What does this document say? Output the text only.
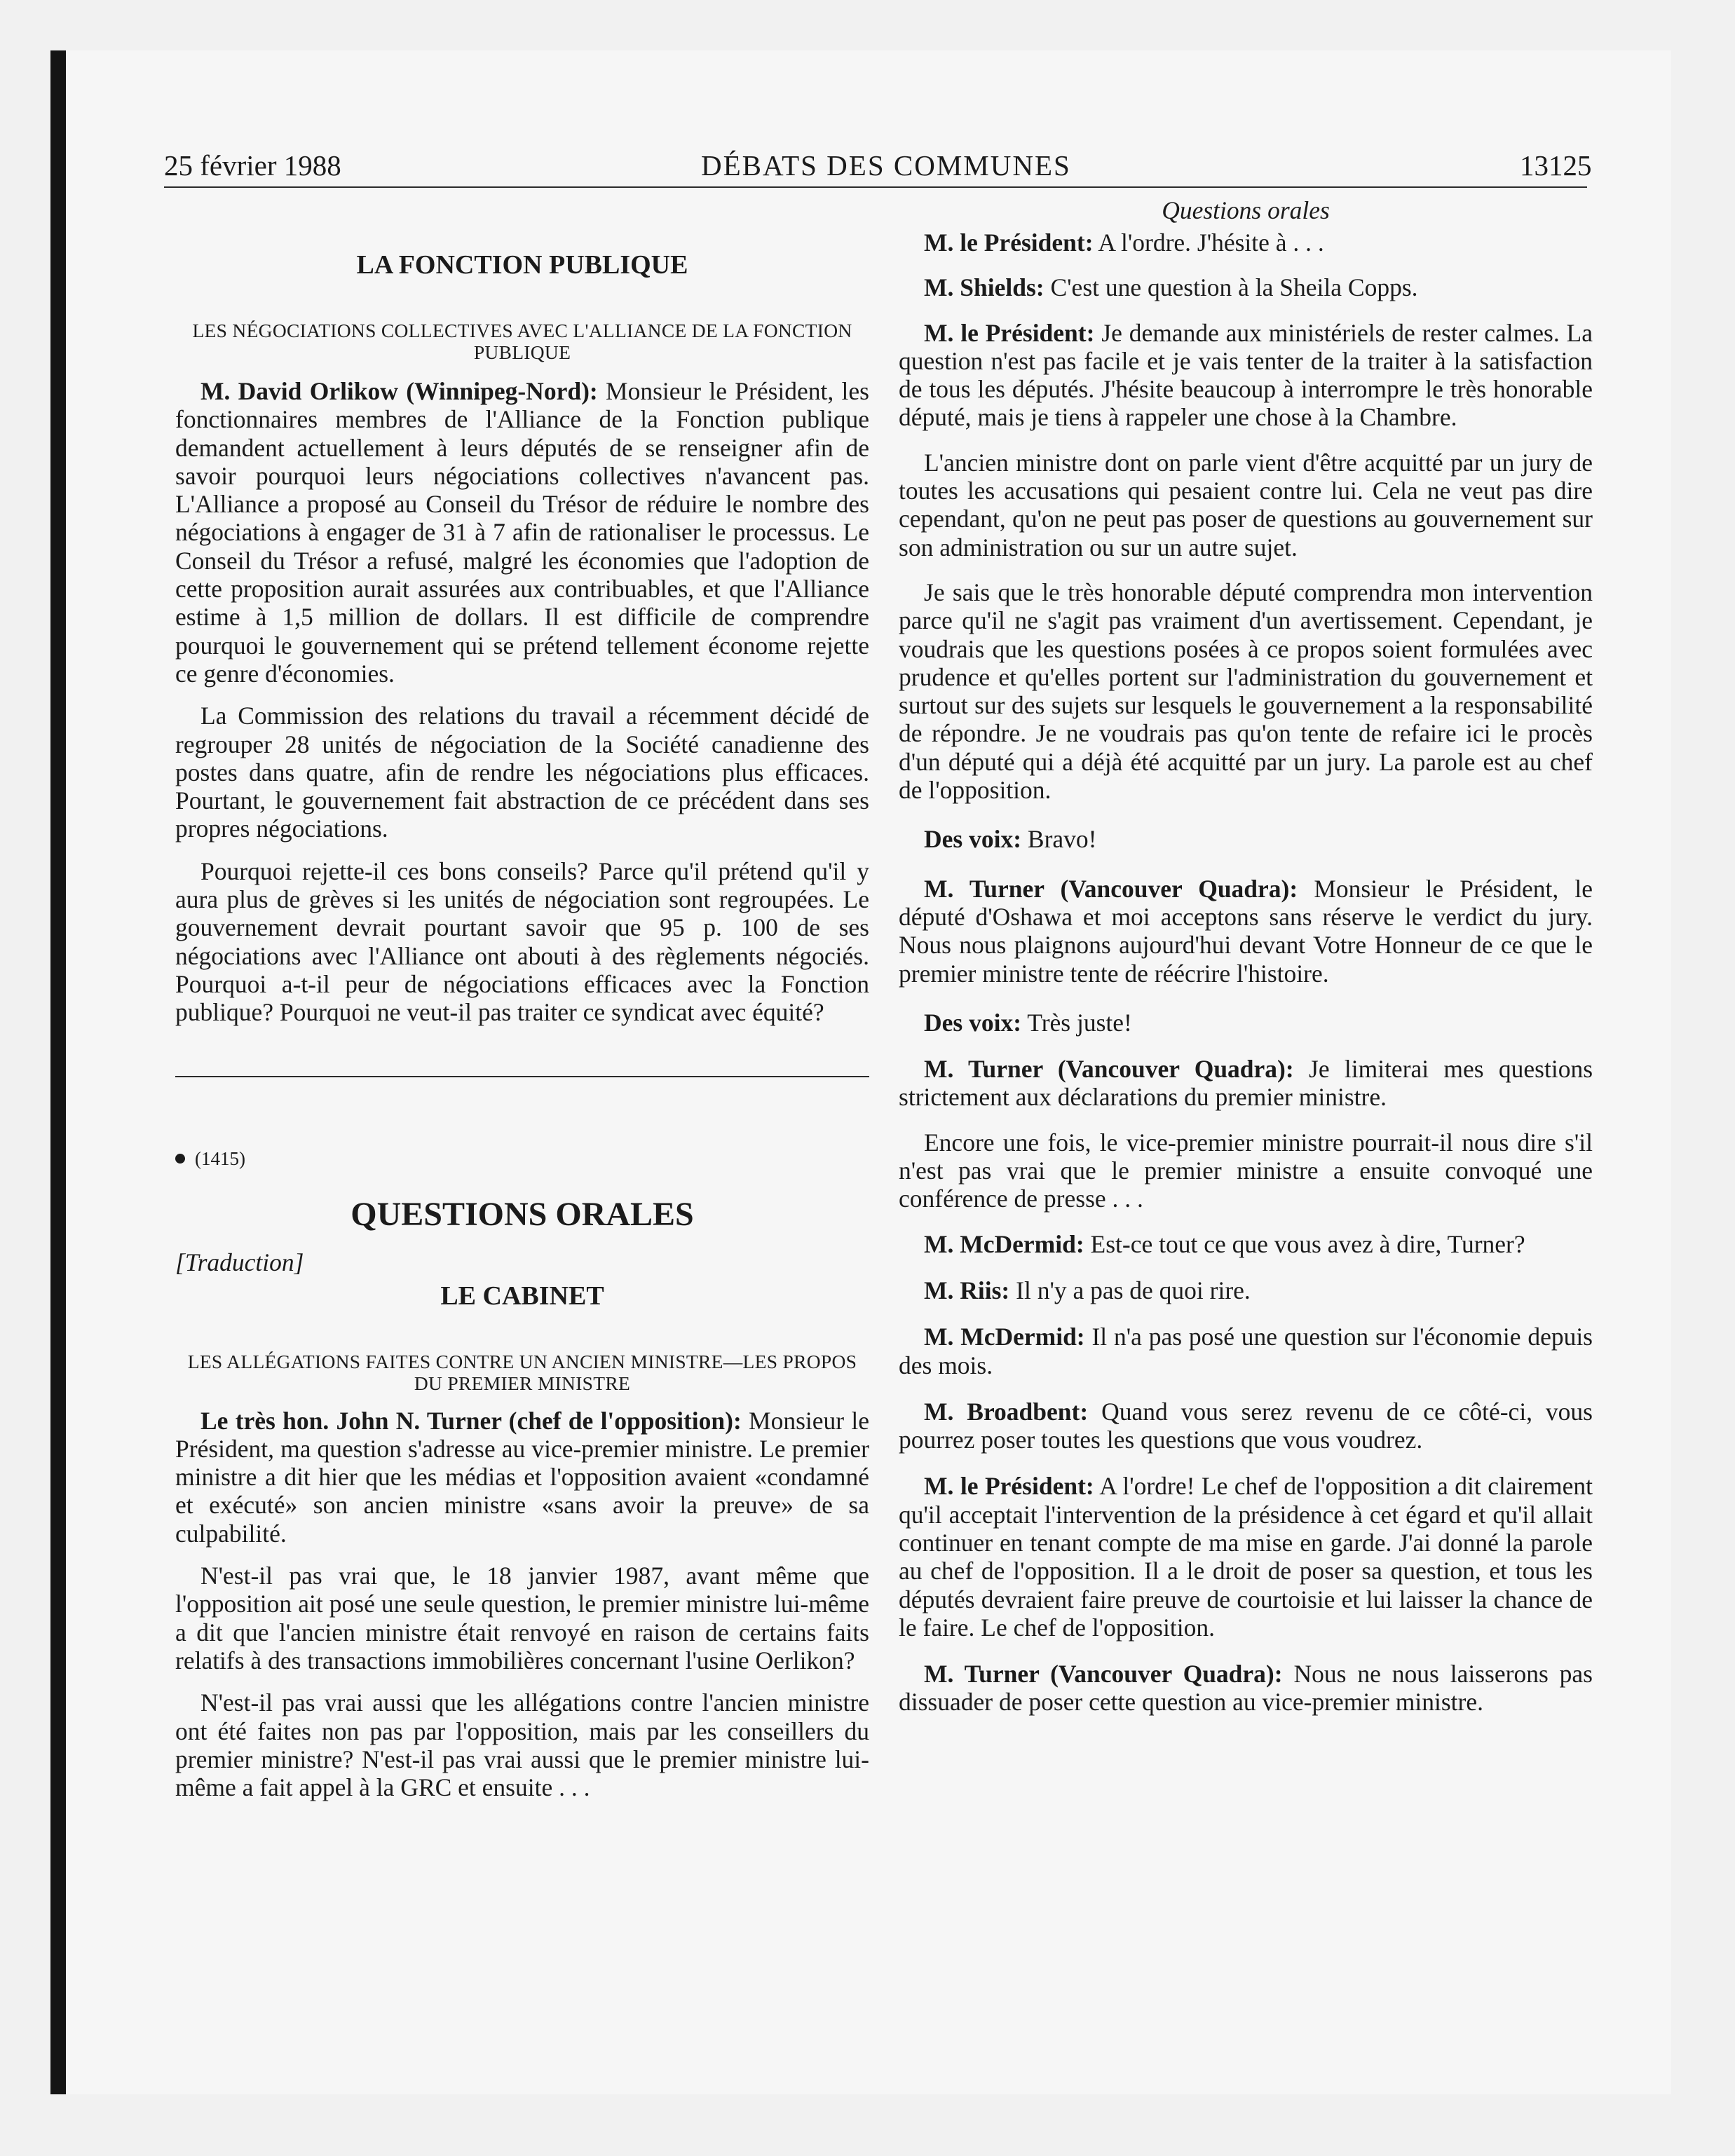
25 février 1988	DÉBATS DES COMMUNES	13125
LA FONCTION PUBLIQUE
LES NÉGOCIATIONS COLLECTIVES AVEC L'ALLIANCE DE LA FONCTION PUBLIQUE

M. David Orlikow (Winnipeg-Nord): Monsieur le Président, les fonctionnaires membres de l'Alliance de la Fonction publique demandent actuellement à leurs députés de se renseigner afin de savoir pourquoi leurs négociations collectives n'avancent pas. L'Alliance a proposé au Conseil du Trésor de réduire le nombre des négociations à engager de 31 à 7 afin de rationaliser le processus. Le Conseil du Trésor a refusé, malgré les économies que l'adoption de cette proposition aurait assurées aux contribuables, et que l'Alliance estime à 1,5 million de dollars. Il est difficile de comprendre pourquoi le gouvernement qui se prétend tellement économe rejette ce genre d'économies.

La Commission des relations du travail a récemment décidé de regrouper 28 unités de négociation de la Société canadienne des postes dans quatre, afin de rendre les négociations plus efficaces. Pourtant, le gouvernement fait abstraction de ce précédent dans ses propres négociations.

Pourquoi rejette-il ces bons conseils? Parce qu'il prétend qu'il y aura plus de grèves si les unités de négociation sont regroupées. Le gouvernement devrait pourtant savoir que 95 p. 100 de ses négociations avec l'Alliance ont abouti à des règlements négociés. Pourquoi a-t-il peur de négociations efficaces avec la Fonction publique? Pourquoi ne veut-il pas traiter ce syndicat avec équité?

(1415)
QUESTIONS ORALES
[Traduction]
LE CABINET
LES ALLÉGATIONS FAITES CONTRE UN ANCIEN MINISTRE—LES PROPOS DU PREMIER MINISTRE

Le très hon. John N. Turner (chef de l'opposition): Monsieur le Président, ma question s'adresse au vice-premier ministre. Le premier ministre a dit hier que les médias et l'opposition avaient «condamné et exécuté» son ancien ministre «sans avoir la preuve» de sa culpabilité.

N'est-il pas vrai que, le 18 janvier 1987, avant même que l'opposition ait posé une seule question, le premier ministre lui-même a dit que l'ancien ministre était renvoyé en raison de certains faits relatifs à des transactions immobilières concernant l'usine Oerlikon?

N'est-il pas vrai aussi que les allégations contre l'ancien ministre ont été faites non pas par l'opposition, mais par les conseillers du premier ministre? N'est-il pas vrai aussi que le premier ministre lui-même a fait appel à la GRC et ensuite . . .

Questions orales

M. le Président: A l'ordre. J'hésite à . . .

M. Shields: C'est une question à la Sheila Copps.

M. le Président: Je demande aux ministériels de rester calmes. La question n'est pas facile et je vais tenter de la traiter à la satisfaction de tous les députés. J'hésite beaucoup à interrompre le très honorable député, mais je tiens à rappeler une chose à la Chambre.

L'ancien ministre dont on parle vient d'être acquitté par un jury de toutes les accusations qui pesaient contre lui. Cela ne veut pas dire cependant, qu'on ne peut pas poser de questions au gouvernement sur son administration ou sur un autre sujet.

Je sais que le très honorable député comprendra mon intervention parce qu'il ne s'agit pas vraiment d'un avertissement. Cependant, je voudrais que les questions posées à ce propos soient formulées avec prudence et qu'elles portent sur l'administration du gouvernement et surtout sur des sujets sur lesquels le gouvernement a la responsabilité de répondre. Je ne voudrais pas qu'on tente de refaire ici le procès d'un député qui a déjà été acquitté par un jury. La parole est au chef de l'opposition.

Des voix: Bravo!

M. Turner (Vancouver Quadra): Monsieur le Président, le député d'Oshawa et moi acceptons sans réserve le verdict du jury. Nous nous plaignons aujourd'hui devant Votre Honneur de ce que le premier ministre tente de réécrire l'histoire.

Des voix: Très juste!

M. Turner (Vancouver Quadra): Je limiterai mes questions strictement aux déclarations du premier ministre.

Encore une fois, le vice-premier ministre pourrait-il nous dire s'il n'est pas vrai que le premier ministre a ensuite convoqué une conférence de presse . . .

M. McDermid: Est-ce tout ce que vous avez à dire, Turner?

M. Riis: Il n'y a pas de quoi rire.

M. McDermid: Il n'a pas posé une question sur l'économie depuis des mois.

M. Broadbent: Quand vous serez revenu de ce côté-ci, vous pourrez poser toutes les questions que vous voudrez.

M. le Président: A l'ordre! Le chef de l'opposition a dit clairement qu'il acceptait l'intervention de la présidence à cet égard et qu'il allait continuer en tenant compte de ma mise en garde. J'ai donné la parole au chef de l'opposition. Il a le droit de poser sa question, et tous les députés devraient faire preuve de courtoisie et lui laisser la chance de le faire. Le chef de l'opposition.

M. Turner (Vancouver Quadra): Nous ne nous laisserons pas dissuader de poser cette question au vice-premier ministre.
